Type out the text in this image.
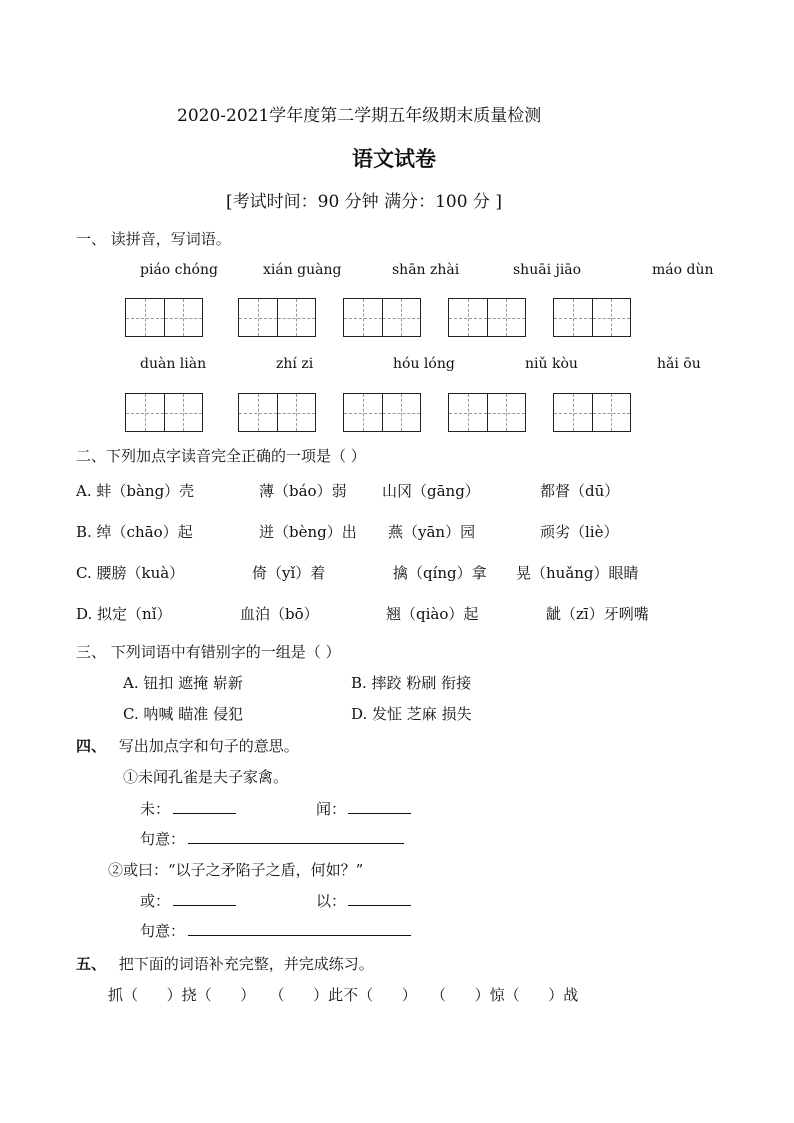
2020-2021学年度第二学期五年级期末质量检测
语文试卷
[考试时间：90 分钟 满分：100 分 ]
一、 读拼音，写词语。
piáo chóng	xián guàng	shān zhài	shuāi jiāo	máo dùn
duàn liàn	zhí zi	hóu lóng	niǔ kòu	hǎi ōu
二、下列加点字读音完全正确的一项是（ ）
A. 蚌（bàng）壳	薄（báo）弱 山冈（gāng）	都督（dū）
B. 绰（chāo）起	迸（bèng）出 燕（yān）园	顽劣（liè）
C. 腰膀（kuà）	倚（yǐ）着	擒（qíng）拿 晃（huǎng）眼睛
D. 拟定（nǐ）	血泊（bō）	翘（qiào）起	龇（zī）牙咧嘴
三、 下列词语中有错别字的一组是（ ）
A. 钮扣 遮掩 崭新	B. 摔跤 粉刷 衔接
C. 呐喊 瞄准 侵犯	D. 发怔 芝麻 损失
四、 写出加点字和句子的意思。
①未闻孔雀是夫子家禽。
未：	闻：
句意：
②或曰：“以子之矛陷子之盾，何如？”
或：	以：
句意：
五、 把下面的词语补充完整，并完成练习。
抓（      ）挠（      ）   （      ）此不（      ）   （      ）惊（      ）战
